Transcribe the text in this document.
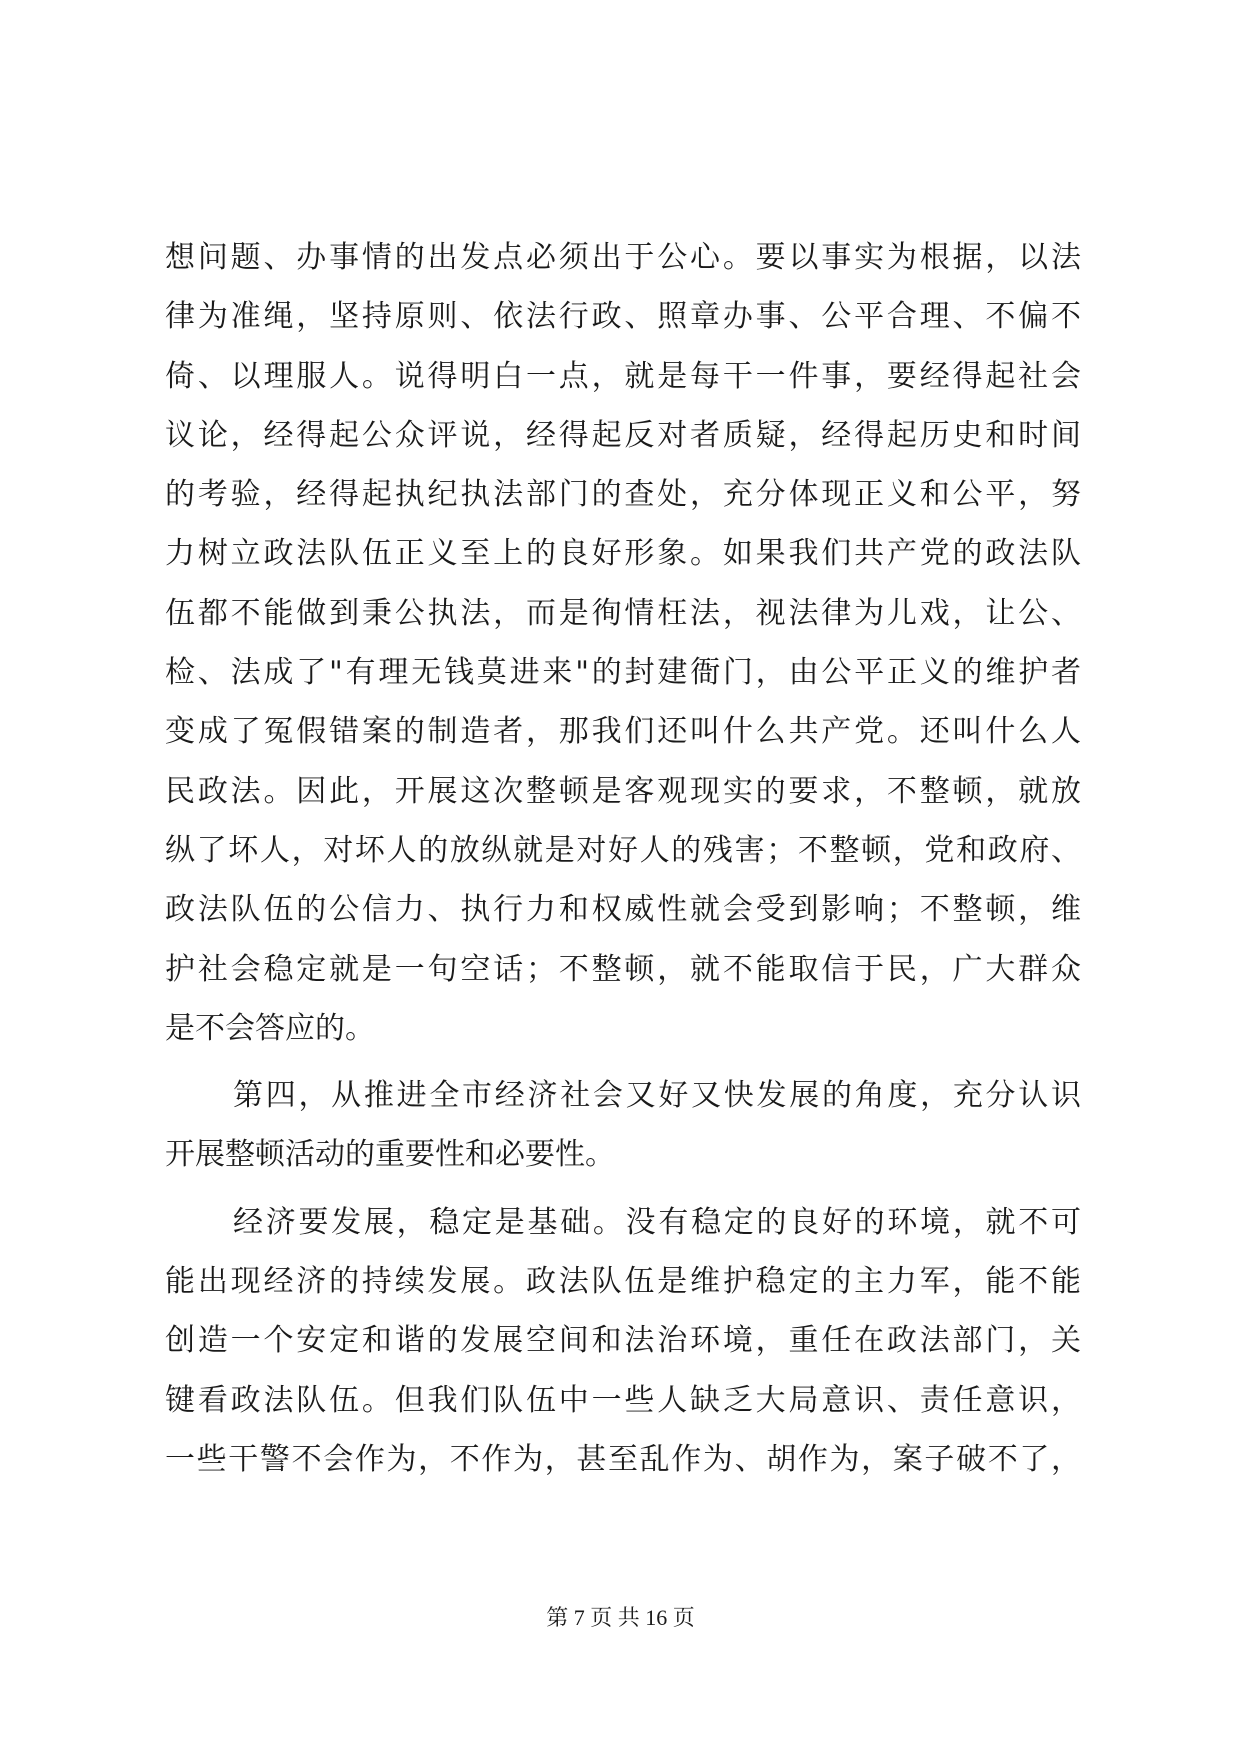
想问题、办事情的出发点必须出于公心。要以事实为根据，以法
律为准绳，坚持原则、依法行政、照章办事、公平合理、不偏不
倚、以理服人。说得明白一点，就是每干一件事，要经得起社会
议论，经得起公众评说，经得起反对者质疑，经得起历史和时间
的考验，经得起执纪执法部门的查处，充分体现正义和公平，努
力树立政法队伍正义至上的良好形象。如果我们共产党的政法队
伍都不能做到秉公执法，而是徇情枉法，视法律为儿戏，让公、
检、法成了"有理无钱莫进来"的封建衙门，由公平正义的维护者
变成了冤假错案的制造者，那我们还叫什么共产党。还叫什么人
民政法。因此，开展这次整顿是客观现实的要求，不整顿，就放
纵了坏人，对坏人的放纵就是对好人的残害；不整顿，党和政府、
政法队伍的公信力、执行力和权威性就会受到影响；不整顿，维
护社会稳定就是一句空话；不整顿，就不能取信于民，广大群众
是不会答应的。
第四，从推进全市经济社会又好又快发展的角度，充分认识
开展整顿活动的重要性和必要性。
经济要发展，稳定是基础。没有稳定的良好的环境，就不可
能出现经济的持续发展。政法队伍是维护稳定的主力军，能不能
创造一个安定和谐的发展空间和法治环境，重任在政法部门，关
键看政法队伍。但我们队伍中一些人缺乏大局意识、责任意识，
一些干警不会作为，不作为，甚至乱作为、胡作为，案子破不了，
第 7 页 共 16 页
